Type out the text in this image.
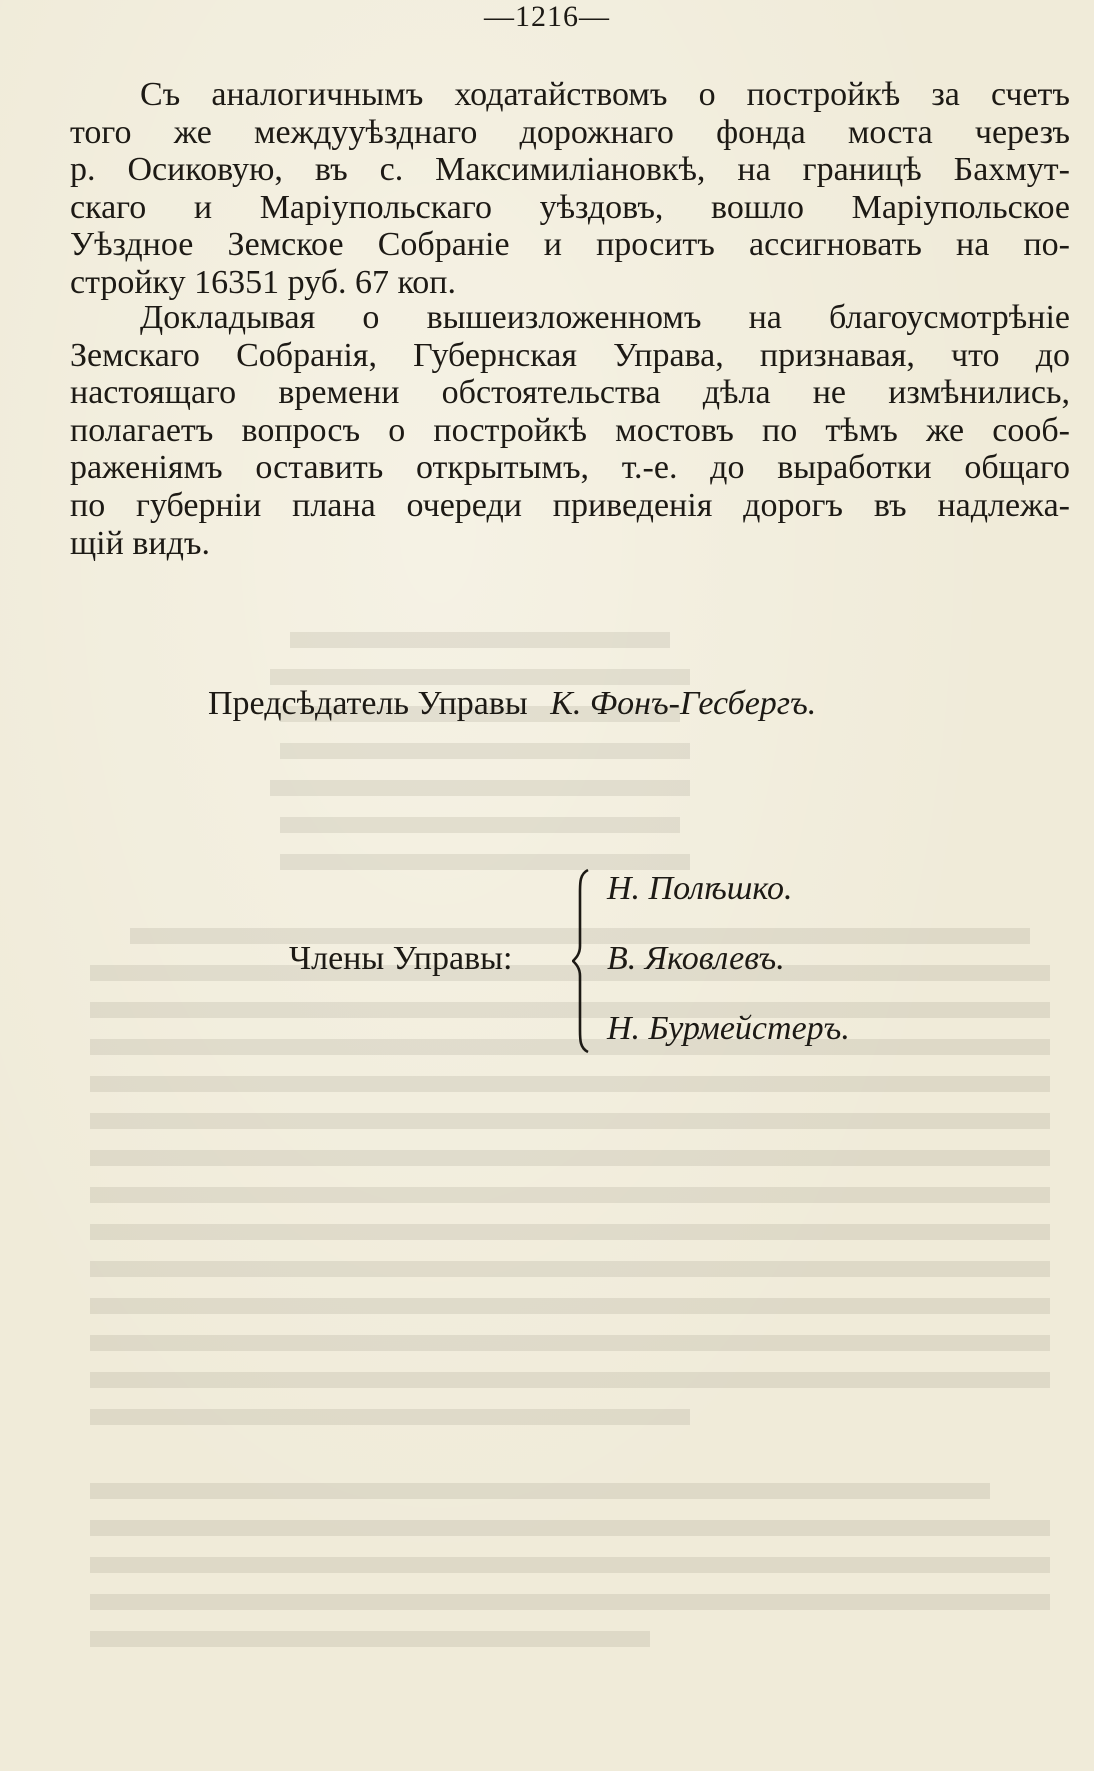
—1216—
Съ аналогичнымъ ходатайствомъ о постройкѣ за счетъ
того же междууѣзднаго дорожнаго фонда моста черезъ
р. Осиковую, въ с. Максимиліановкѣ, на границѣ Бахмут-
скаго и Маріупольскаго уѣздовъ, вошло Маріупольское
Уѣздное Земское Собраніе и проситъ ассигновать на по-
стройку 16351 руб. 67 коп.
Докладывая о вышеизложенномъ на благоусмотрѣніе
Земскаго Собранія, Губернская Управа, признавая, что до
настоящаго времени обстоятельства дѣла не измѣнились,
полагаетъ вопросъ о постройкѣ мостовъ по тѣмъ же сооб-
раженіямъ оставить открытымъ, т.-е. до выработки общаго
по губерніи плана очереди приведенія дорогъ въ надлежа-
щій видъ.
Предсѣдатель Управы К. Фонъ-Гесбергъ.
Члены Управы:
Н. Полѣшко.
В. Яковлевъ.
Н. Бурмейстеръ.
